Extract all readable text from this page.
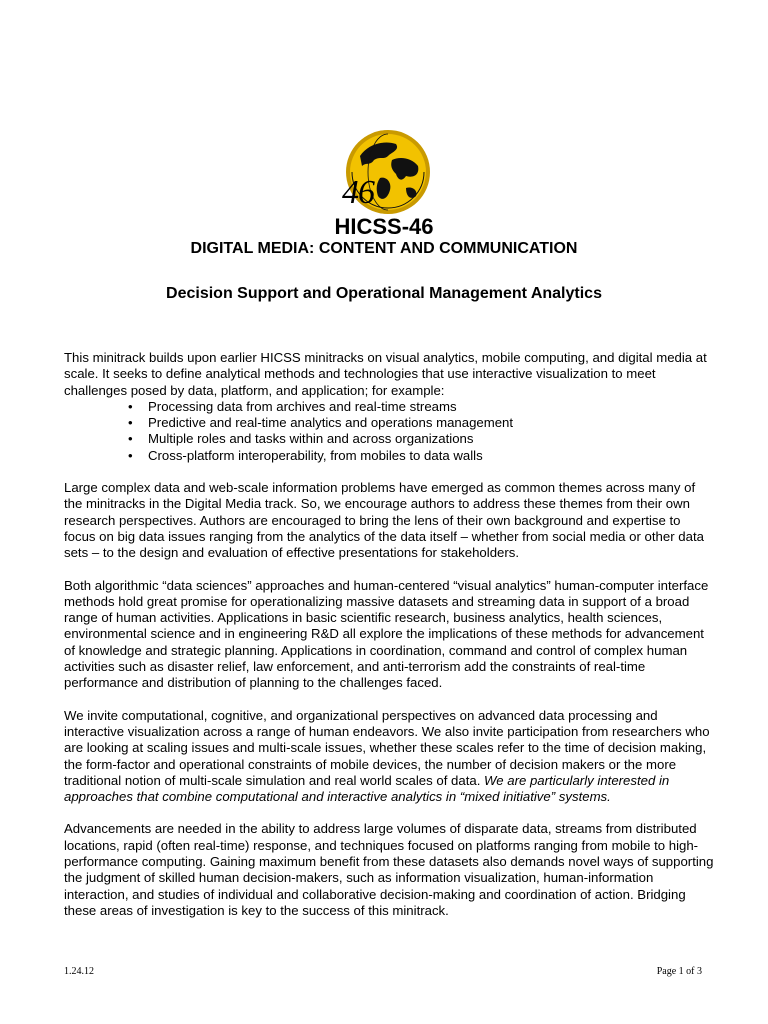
46
HICSS-46
DIGITAL MEDIA: CONTENT AND COMMUNICATION
Decision Support and Operational Management Analytics

This minitrack builds upon earlier HICSS minitracks on visual analytics, mobile computing, and digital media at scale. It seeks to define analytical methods and technologies that use interactive visualization to meet challenges posed by data, platform, and application; for example:

• Processing data from archives and real-time streams
• Predictive and real-time analytics and operations management
• Multiple roles and tasks within and across organizations
• Cross-platform interoperability, from mobiles to data walls

Large complex data and web-scale information problems have emerged as common themes across many of the minitracks in the Digital Media track. So, we encourage authors to address these themes from their own research perspectives. Authors are encouraged to bring the lens of their own background and expertise to focus on big data issues ranging from the analytics of the data itself – whether from social media or other data sets – to the design and evaluation of effective presentations for stakeholders.

Both algorithmic “data sciences” approaches and human-centered “visual analytics” human-computer interface methods hold great promise for operationalizing massive datasets and streaming data in support of a broad range of human activities. Applications in basic scientific research, business analytics, health sciences, environmental science and in engineering R&D all explore the implications of these methods for advancement of knowledge and strategic planning. Applications in coordination, command and control of complex human activities such as disaster relief, law enforcement, and anti-terrorism add the constraints of real-time performance and distribution of planning to the challenges faced.

We invite computational, cognitive, and organizational perspectives on advanced data processing and interactive visualization across a range of human endeavors. We also invite participation from researchers who are looking at scaling issues and multi-scale issues, whether these scales refer to the time of decision making, the form-factor and operational constraints of mobile devices, the number of decision makers or the more traditional notion of multi-scale simulation and real world scales of data. We are particularly interested in approaches that combine computational and interactive analytics in “mixed initiative” systems.

Advancements are needed in the ability to address large volumes of disparate data, streams from distributed locations, rapid (often real-time) response, and techniques focused on platforms ranging from mobile to high-performance computing. Gaining maximum benefit from these datasets also demands novel ways of supporting the judgment of skilled human decision-makers, such as information visualization, human-information interaction, and studies of individual and collaborative decision-making and coordination of action. Bridging these areas of investigation is key to the success of this minitrack.

1.24.12	Page 1 of 3
